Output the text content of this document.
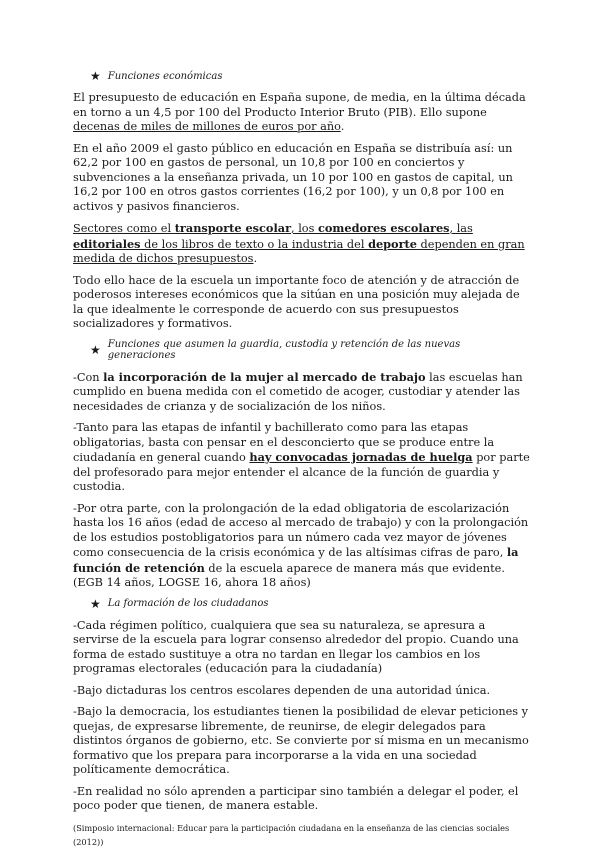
★ Funciones económicas

El presupuesto de educación en España supone, de media, en la última década en torno a un 4,5 por 100 del Producto Interior Bruto (PIB). Ello supone decenas de miles de millones de euros por año.

En el año 2009 el gasto público en educación en España se distribuía así: un 62,2 por 100 en gastos de personal, un 10,8 por 100 en conciertos y subvenciones a la enseñanza privada, un 10 por 100 en gastos de capital, un 16,2 por 100 en otros gastos corrientes (16,2 por 100), y un 0,8 por 100 en activos y pasivos financieros.

Sectores como el transporte escolar, los comedores escolares, las editoriales de los libros de texto o la industria del deporte dependen en gran medida de dichos presupuestos.

Todo ello hace de la escuela un importante foco de atención y de atracción de poderosos intereses económicos que la sitúan en una posición muy alejada de la que idealmente le corresponde de acuerdo con sus presupuestos socializadores y formativos.

★ Funciones que asumen la guardia, custodia y retención de las nuevas generaciones

-Con la incorporación de la mujer al mercado de trabajo las escuelas han cumplido en buena medida con el cometido de acoger, custodiar y atender las necesidades de crianza y de socialización de los niños.

-Tanto para las etapas de infantil y bachillerato como para las etapas obligatorias, basta con pensar en el desconcierto que se produce entre la ciudadanía en general cuando hay convocadas jornadas de huelga por parte del profesorado para mejor entender el alcance de la función de guardia y custodia.

-Por otra parte, con la prolongación de la edad obligatoria de escolarización hasta los 16 años (edad de acceso al mercado de trabajo) y con la prolongación de los estudios postobligatorios para un número cada vez mayor de jóvenes como consecuencia de la crisis económica y de las altísimas cifras de paro, la función de retención de la escuela aparece de manera más que evidente. (EGB 14 años, LOGSE 16, ahora 18 años)

★ La formación de los ciudadanos

-Cada régimen político, cualquiera que sea su naturaleza, se apresura a servirse de la escuela para lograr consenso alrededor del propio. Cuando una forma de estado sustituye a otra no tardan en llegar los cambios en los programas electorales (educación para la ciudadanía)

-Bajo dictaduras los centros escolares dependen de una autoridad única.

-Bajo la democracia, los estudiantes tienen la posibilidad de elevar peticiones y quejas, de expresarse libremente, de reunirse, de elegir delegados para distintos órganos de gobierno, etc. Se convierte por sí misma en un mecanismo formativo que los prepara para incorporarse a la vida en una sociedad políticamente democrática.

-En realidad no sólo aprenden a participar sino también a delegar el poder, el poco poder que tienen, de manera estable.

(Simposio internacional: Educar para la participación ciudadana en la enseñanza de las ciencias sociales (2012))
